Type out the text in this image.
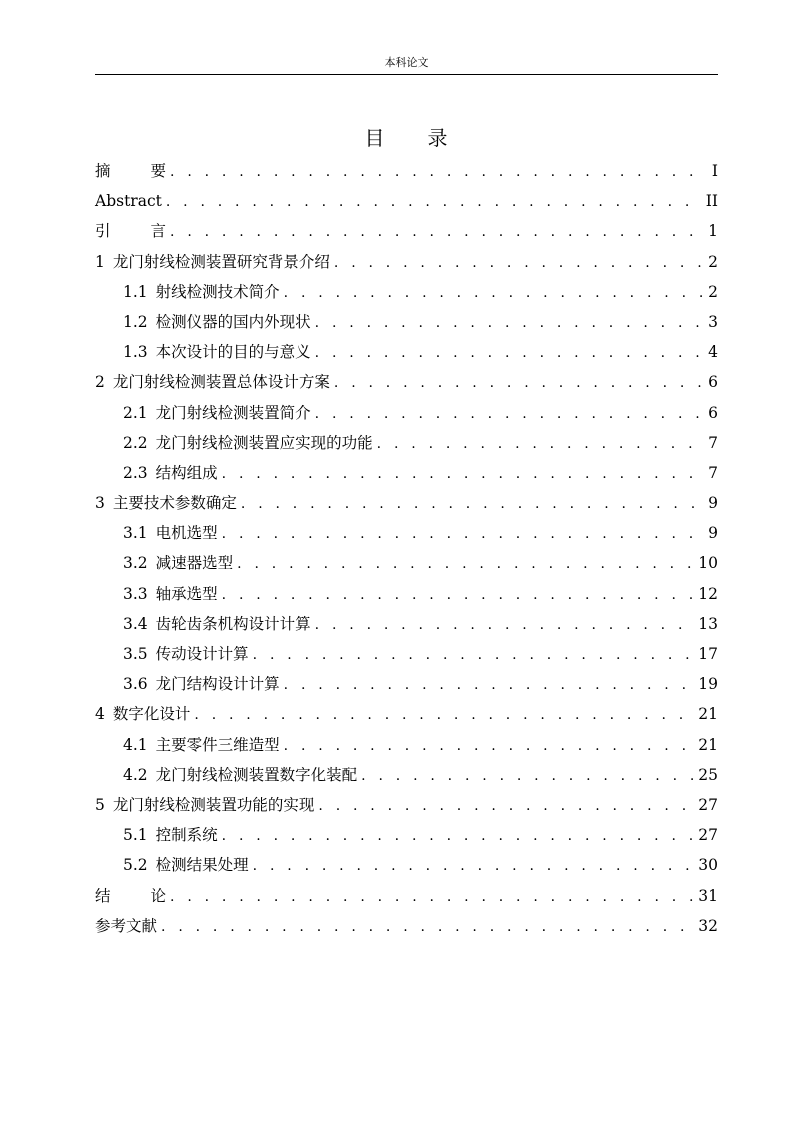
本科论文
目 录
摘	要 . . .	I
Abstract . . .	II
引	言 . . .	1
1 龙门射线检测装置研究背景介绍 . . .	2
1.1 射线检测技术简介 . . .	2
1.2 检测仪器的国内外现状 . . .	3
1.3 本次设计的目的与意义 . . .	4
2 龙门射线检测装置总体设计方案 . . .	6
2.1 龙门射线检测装置简介 . . .	6
2.2 龙门射线检测装置应实现的功能 . . .	7
2.3 结构组成 . . .	7
3 主要技术参数确定 . . .	9
3.1 电机选型 . . .	9
3.2 减速器选型 . . .	10
3.3 轴承选型 . . .	12
3.4 齿轮齿条机构设计计算 . . .	13
3.5 传动设计计算 . . .	17
3.6 龙门结构设计计算 . . .	19
4 数字化设计 . . .	21
4.1 主要零件三维造型 . . .	21
4.2 龙门射线检测装置数字化装配 . . .	25
5 龙门射线检测装置功能的实现 . . .	27
5.1 控制系统 . . .	27
5.2 检测结果处理 . . .	30
结	论 . . .	31
参考文献 . . .	32
